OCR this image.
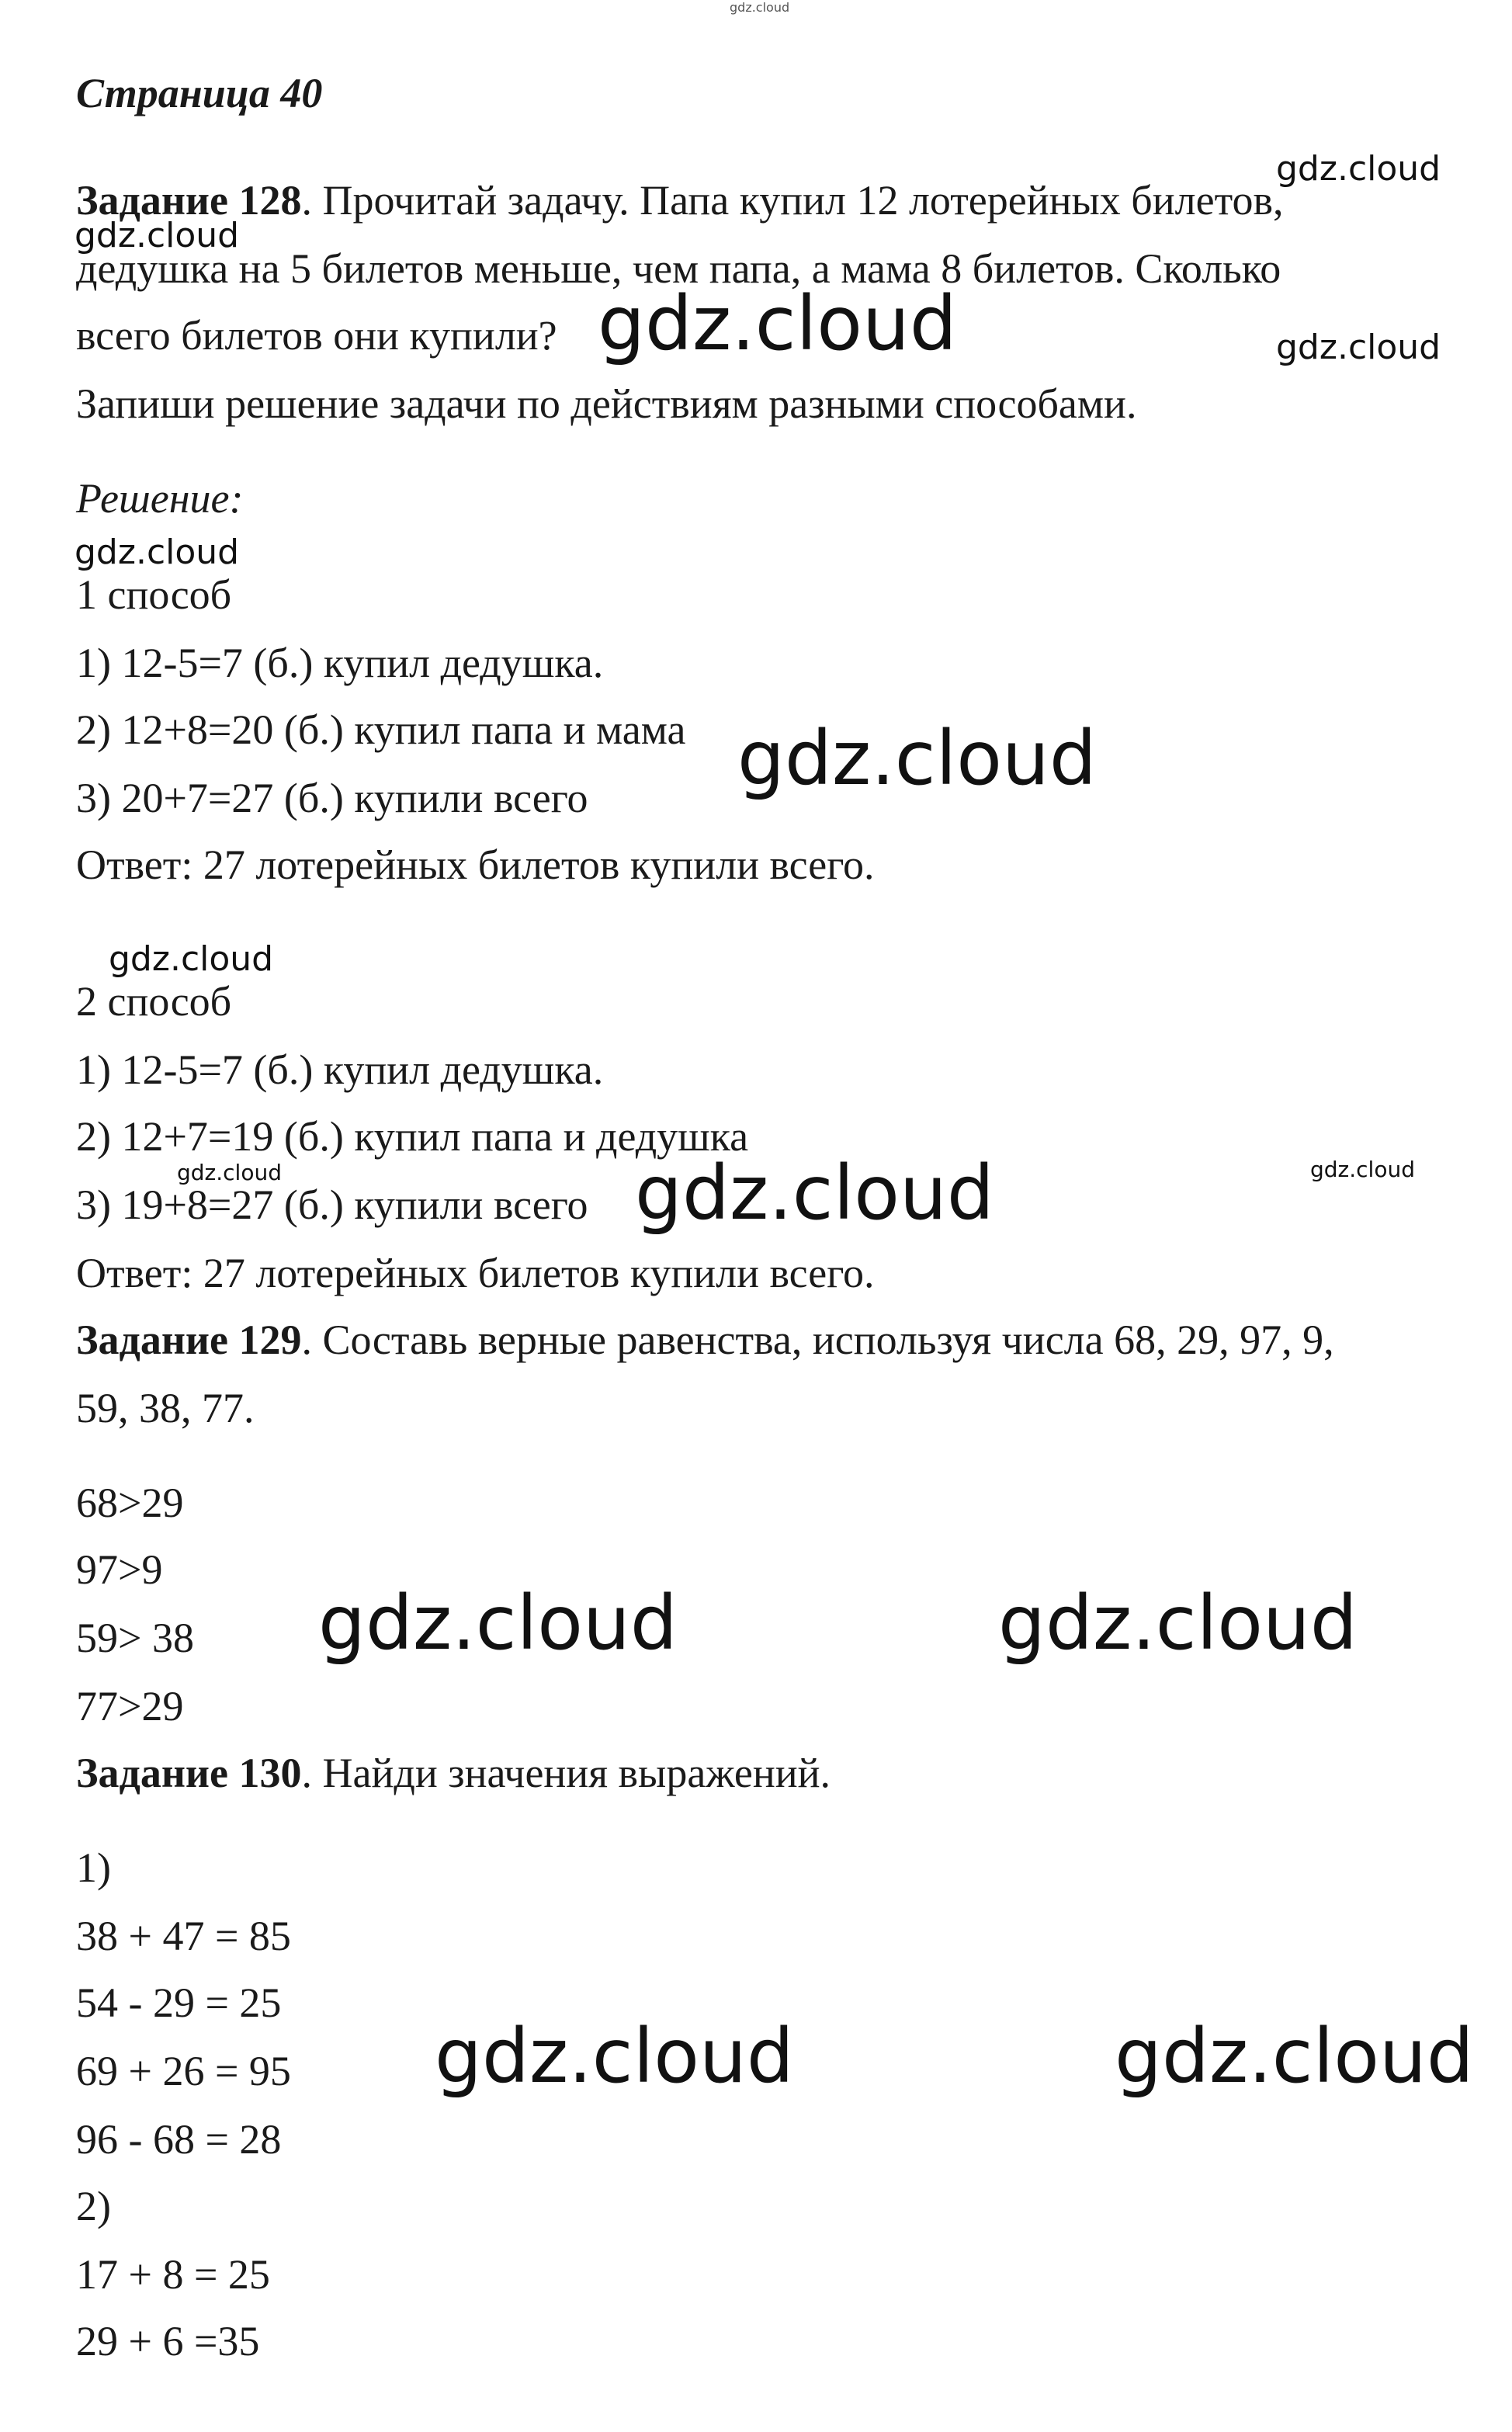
Страница 40

Задание 128. Прочитай задачу. Папа купил 12 лотерейных билетов,

дедушка на 5 билетов меньше, чем папа, а мама 8 билетов. Сколько

всего билетов они купили?

Запиши решение задачи по действиям разными способами.

Решение:

1 способ

1) 12-5=7 (б.) купил дедушка.

2) 12+8=20 (б.) купил папа и мама

3) 20+7=27 (б.) купили всего

Ответ: 27 лотерейных билетов купили всего.

2 способ

1) 12-5=7 (б.) купил дедушка.

2) 12+7=19 (б.) купил папа и дедушка

3) 19+8=27 (б.) купили всего

Ответ: 27 лотерейных билетов купили всего.

Задание 129. Составь верные равенства, используя числа 68, 29, 97, 9,

59, 38, 77.

68>29

97>9

59> 38

77>29

Задание 130. Найди значения выражений.

1)

38 + 47 = 85

54 - 29 = 25

69 + 26 = 95

96 - 68 = 28

2)

17 + 8 = 25

29 + 6 =35

gdz.cloud
gdz.cloud
gdz.cloud
gdz.cloud	gdz.cloud
gdz.cloud
gdz.cloud
gdz.cloud
gdz.cloud	gdz.cloud
gdz.cloud
gdz.cloud	gdz.cloud
gdz.cloud	gdz.cloud
